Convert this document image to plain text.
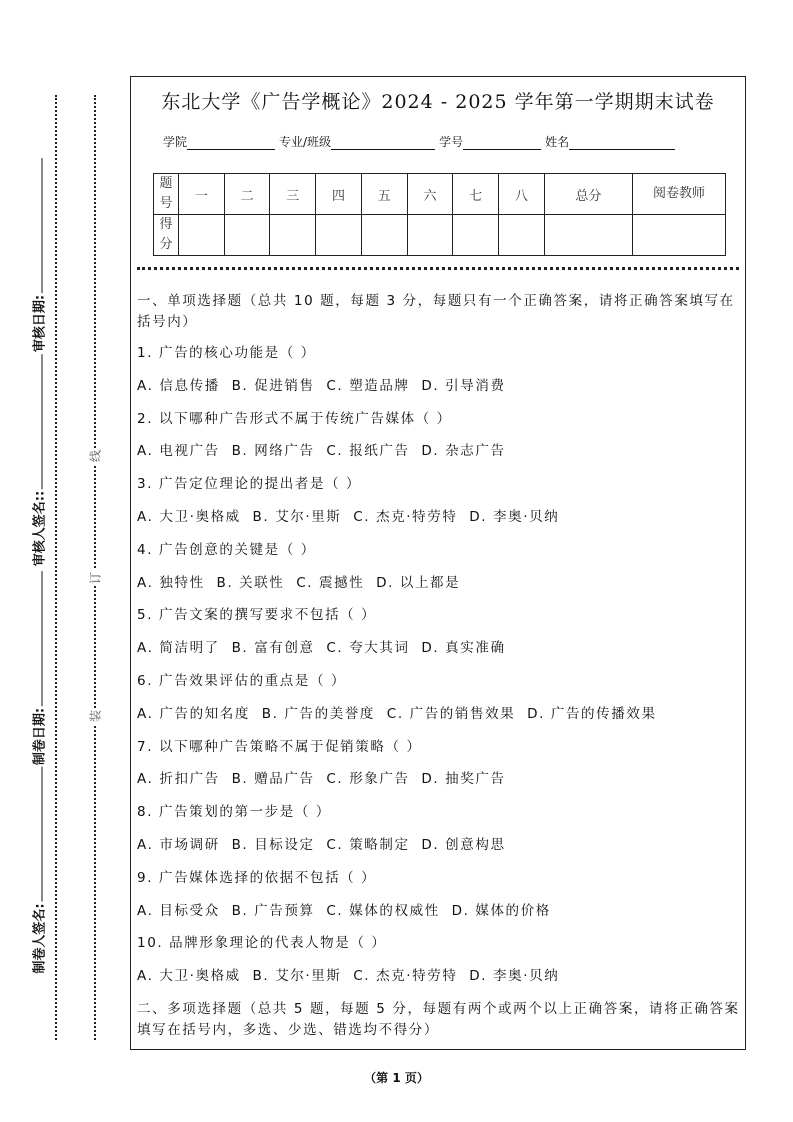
审核日期:
审核人签名::
制卷日期:
制卷人签名:
线
订
装
东北大学《广告学概论》2024 - 2025 学年第一学期期末试卷
学院	专业/班级	学号	姓名
题号	一	二	三	四	五	六	七	八	总分	阅卷教师
得分										
一、单项选择题（总共 10 题，每题 3 分，每题只有一个正确答案，请将正确答案填写在括号内）
1. 广告的核心功能是（ ）
A. 信息传播  B. 促进销售  C. 塑造品牌  D. 引导消费
2. 以下哪种广告形式不属于传统广告媒体（ ）
A. 电视广告  B. 网络广告  C. 报纸广告  D. 杂志广告
3. 广告定位理论的提出者是（ ）
A. 大卫·奥格威  B. 艾尔·里斯  C. 杰克·特劳特  D. 李奥·贝纳
4. 广告创意的关键是（ ）
A. 独特性  B. 关联性  C. 震撼性  D. 以上都是
5. 广告文案的撰写要求不包括（ ）
A. 简洁明了  B. 富有创意  C. 夸大其词  D. 真实准确
6. 广告效果评估的重点是（ ）
A. 广告的知名度  B. 广告的美誉度  C. 广告的销售效果  D. 广告的传播效果
7. 以下哪种广告策略不属于促销策略（ ）
A. 折扣广告  B. 赠品广告  C. 形象广告  D. 抽奖广告
8. 广告策划的第一步是（ ）
A. 市场调研  B. 目标设定  C. 策略制定  D. 创意构思
9. 广告媒体选择的依据不包括（ ）
A. 目标受众  B. 广告预算  C. 媒体的权威性  D. 媒体的价格
10. 品牌形象理论的代表人物是（ ）
A. 大卫·奥格威  B. 艾尔·里斯  C. 杰克·特劳特  D. 李奥·贝纳
二、多项选择题（总共 5 题，每题 5 分，每题有两个或两个以上正确答案，请将正确答案填写在括号内，多选、少选、错选均不得分）
（第 1 页）
